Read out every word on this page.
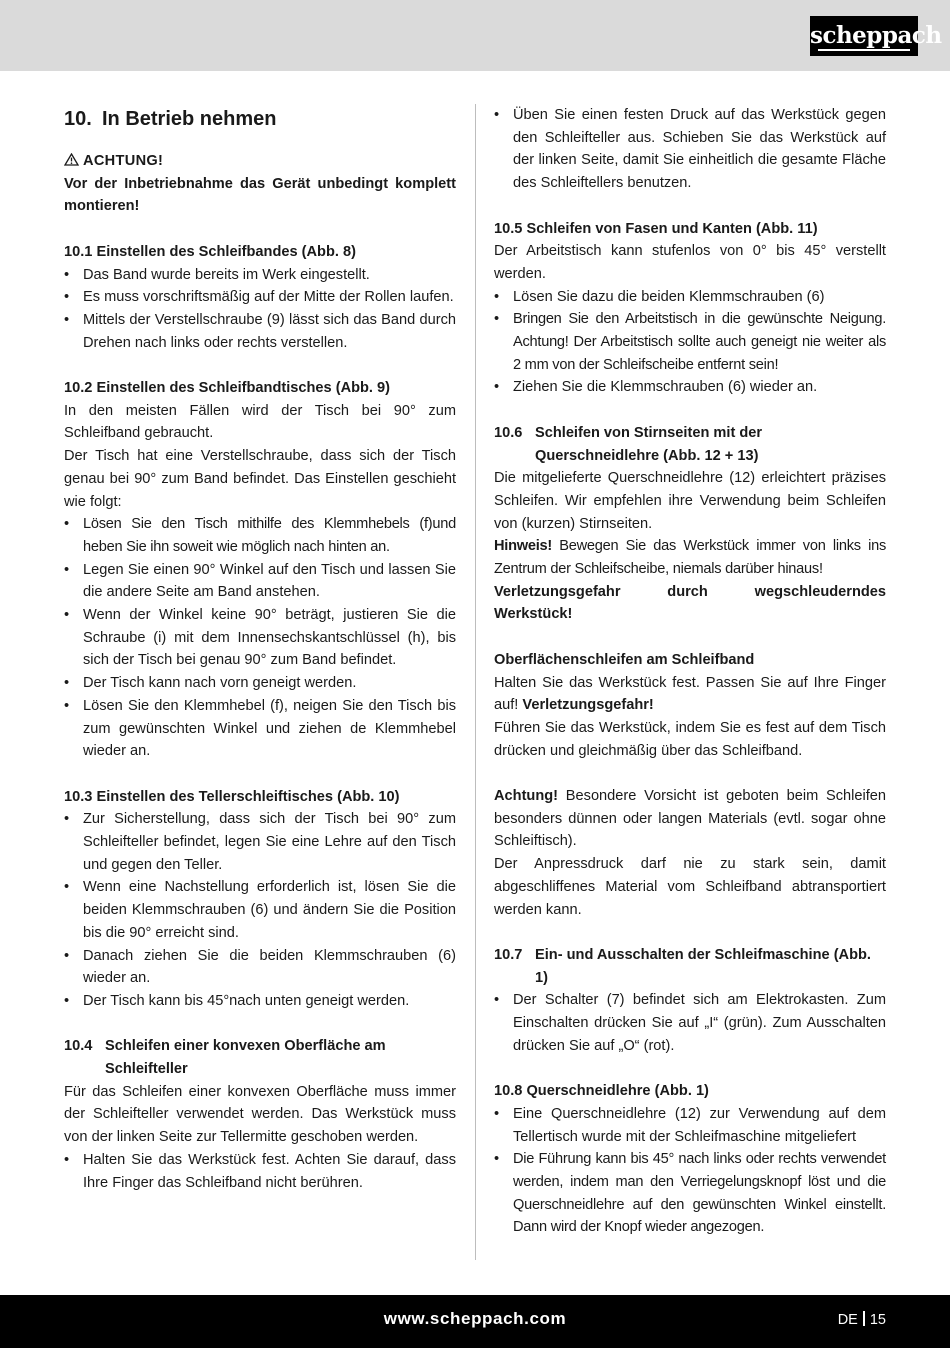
scheppach
10. In Betrieb nehmen
ACHTUNG!

Vor der Inbetriebnahme das Gerät unbedingt komplett montieren!

10.1 Einstellen des Schleifbandes (Abb. 8)
• Das Band wurde bereits im Werk eingestellt.
• Es muss vorschriftsmäßig auf der Mitte der Rollen laufen.
• Mittels der Verstellschraube (9) lässt sich das Band durch Drehen nach links oder rechts verstellen.
10.2 Einstellen des Schleifbandtisches (Abb. 9)

In den meisten Fällen wird der Tisch bei 90° zum Schleifband gebraucht.

Der Tisch hat eine Verstellschraube, dass sich der Tisch genau bei 90° zum Band befindet. Das Einstellen geschieht wie folgt:

• Lösen Sie den Tisch mithilfe des Klemmhebels (f)und heben Sie ihn soweit wie möglich nach hinten an.
• Legen Sie einen 90° Winkel auf den Tisch und lassen Sie die andere Seite am Band anstehen.
• Wenn der Winkel keine 90° beträgt, justieren Sie die Schraube (i) mit dem Innensechskantschlüssel (h), bis sich der Tisch bei genau 90° zum Band befindet.
• Der Tisch kann nach vorn geneigt werden.
• Lösen Sie den Klemmhebel (f), neigen Sie den Tisch bis zum gewünschten Winkel und ziehen de Klemmhebel wieder an.
10.3 Einstellen des Tellerschleiftisches (Abb. 10)
• Zur Sicherstellung, dass sich der Tisch bei 90° zum Schleifteller befindet, legen Sie eine Lehre auf den Tisch und gegen den Teller.
• Wenn eine Nachstellung erforderlich ist, lösen Sie die beiden Klemmschrauben (6) und ändern Sie die Position bis die 90° erreicht sind.
• Danach ziehen Sie die beiden Klemmschrauben (6) wieder an.
• Der Tisch kann bis 45°nach unten geneigt werden.
10.4 Schleifen einer konvexen Oberfläche am Schleifteller

Für das Schleifen einer konvexen Oberfläche muss immer der Schleifteller verwendet werden. Das Werkstück muss von der linken Seite zur Tellermitte geschoben werden.

• Halten Sie das Werkstück fest. Achten Sie darauf, dass Ihre Finger das Schleifband nicht berühren.
• Üben Sie einen festen Druck auf das Werkstück gegen den Schleifteller aus. Schieben Sie das Werkstück auf der linken Seite, damit Sie einheitlich die gesamte Fläche des Schleiftellers benutzen.
10.5 Schleifen von Fasen und Kanten (Abb. 11)

Der Arbeitstisch kann stufenlos von 0° bis 45° verstellt werden.

• Lösen Sie dazu die beiden Klemmschrauben (6)
• Bringen Sie den Arbeitstisch in die gewünschte Neigung. Achtung! Der Arbeitstisch sollte auch geneigt nie weiter als 2 mm von der Schleifscheibe entfernt sein!
• Ziehen Sie die Klemmschrauben (6) wieder an.
10.6 Schleifen von Stirnseiten mit der Querschneidlehre (Abb. 12 + 13)

Die mitgelieferte Querschneidlehre (12) erleichtert präzises Schleifen. Wir empfehlen ihre Verwendung beim Schleifen von (kurzen) Stirnseiten.

Hinweis! Bewegen Sie das Werkstück immer von links ins Zentrum der Schleifscheibe, niemals darüber hinaus!

Verletzungsgefahr durch wegschleuderndes

Werkstück!

Oberflächenschleifen am Schleifband

Halten Sie das Werkstück fest. Passen Sie auf Ihre Finger auf! Verletzungsgefahr!

Führen Sie das Werkstück, indem Sie es fest auf dem Tisch drücken und gleichmäßig über das Schleifband.

Achtung! Besondere Vorsicht ist geboten beim Schleifen besonders dünnen oder langen Materials (evtl. sogar ohne Schleiftisch).

Der Anpressdruck darf nie zu stark sein, damit abgeschliffenes Material vom Schleifband abtransportiert werden kann.

10.7 Ein- und Ausschalten der Schleifmaschine (Abb. 1)
• Der Schalter (7) befindet sich am Elektrokasten. Zum Einschalten drücken Sie auf „I“ (grün). Zum Ausschalten drücken Sie auf „O“ (rot).
10.8 Querschneidlehre (Abb. 1)
• Eine Querschneidlehre (12) zur Verwendung auf dem Tellertisch wurde mit der Schleifmaschine mitgeliefert
• Die Führung kann bis 45° nach links oder rechts verwendet werden, indem man den Verriegelungsknopf löst und die Querschneidlehre auf den gewünschten Winkel einstellt. Dann wird der Knopf wieder angezogen.
www.scheppach.com	DE 15
